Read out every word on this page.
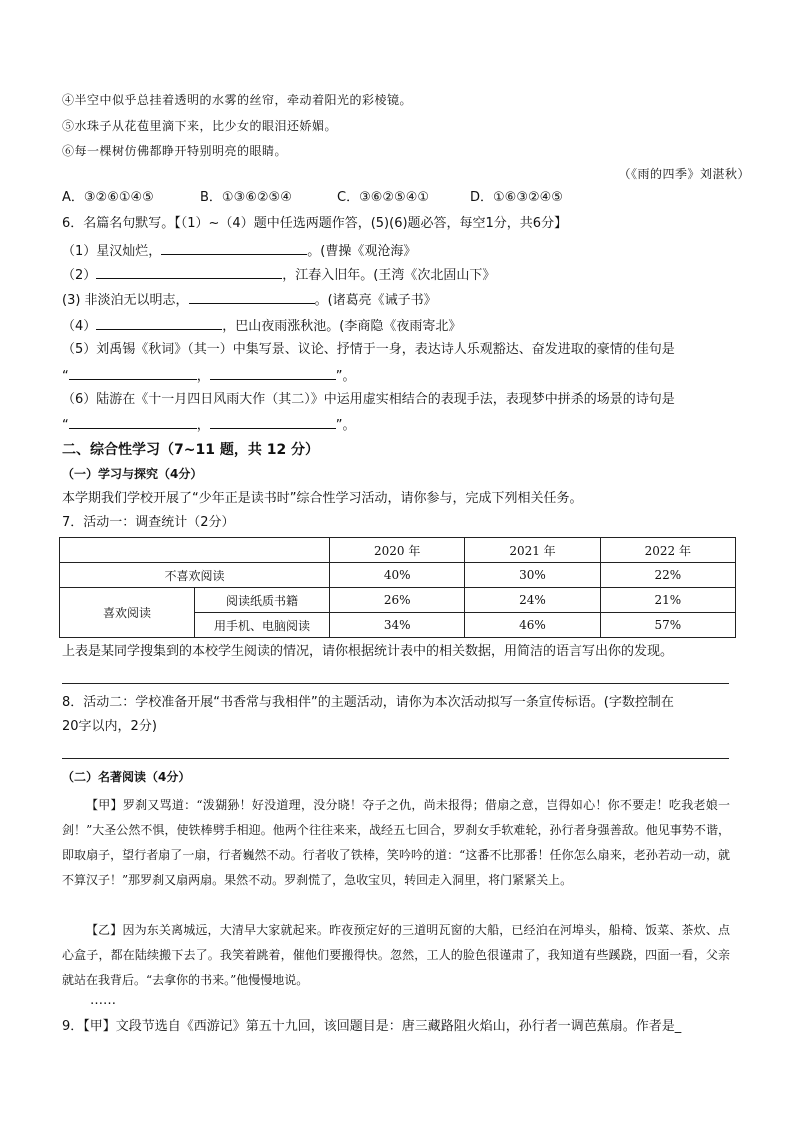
④半空中似乎总挂着透明的水雾的丝帘，牵动着阳光的彩棱镜。
⑤水珠子从花苞里滴下来，比少女的眼泪还娇媚。
⑥每一棵树仿佛都睁开特别明亮的眼睛。
（《雨的四季》刘湛秋）
A．③②⑥①④⑤	B．①③⑥②⑤④	C．③⑥②⑤④①	D．①⑥③②④⑤
6．名篇名句默写。【（1）~（4）题中任选两题作答，(5)(6)题必答，每空1分，共6分】
（1）星汉灿烂，	。(曹操《观沧海》
（2）	，江春入旧年。(王湾《次北固山下》
(3) 非淡泊无以明志，	。(诸葛亮《诫子书》
（4）	，巴山夜雨涨秋池。(李商隐《夜雨寄北》
（5）刘禹锡《秋词》（其一）中集写景、议论、抒情于一身，表达诗人乐观豁达、奋发进取的豪情的佳句是
“	，	”。
（6）陆游在《十一月四日风雨大作（其二）》中运用虚实相结合的表现手法，表现梦中拼杀的场景的诗句是
“	，	”。
二、综合性学习（7~11 题，共 12 分）
（一）学习与探究（4分）
本学期我们学校开展了“少年正是读书时”综合性学习活动，请你参与，完成下列相关任务。
7．活动一：调查统计（2分）
		2020 年	2021 年	2022 年
不喜欢阅读		40%	30%	22%
喜欢阅读	阅读纸质书籍	26%	24%	21%
	用手机、电脑阅读	34%	46%	57%
上表是某同学搜集到的本校学生阅读的情况，请你根据统计表中的相关数据，用简洁的语言写出你的发现。
8．活动二：学校准备开展“书香常与我相伴”的主题活动，请你为本次活动拟写一条宣传标语。(字数控制在
20字以内，2分)
（二）名著阅读（4分）
【甲】罗刹又骂道：“泼猢狲！好没道理，没分晓！夺子之仇，尚未报得；借扇之意，岂得如心！你不要走！吃我老娘一剑！”大圣公然不惧，使铁棒劈手相迎。他两个往往来来，战经五七回合，罗刹女手软难轮，孙行者身强善敌。他见事势不谐，即取扇子，望行者扇了一扇，行者巍然不动。行者收了铁棒，笑吟吟的道：“这番不比那番！任你怎么扇来，老孙若动一动，就不算汉子！”那罗刹又扇两扇。果然不动。罗刹慌了，急收宝贝，转回走入洞里，将门紧紧关上。
【乙】因为东关离城远，大清早大家就起来。昨夜预定好的三道明瓦窗的大船，已经泊在河埠头，船椅、饭菜、茶炊、点心盒子，都在陆续搬下去了。我笑着跳着，催他们要搬得快。忽然，工人的脸色很谨肃了，我知道有些蹊跷，四面一看，父亲就站在我背后。“去拿你的书来。”他慢慢地说。
……
9．【甲】文段节选自《西游记》第五十九回，该回题目是：唐三藏路阻火焰山，孙行者一调芭蕉扇。作者是_
